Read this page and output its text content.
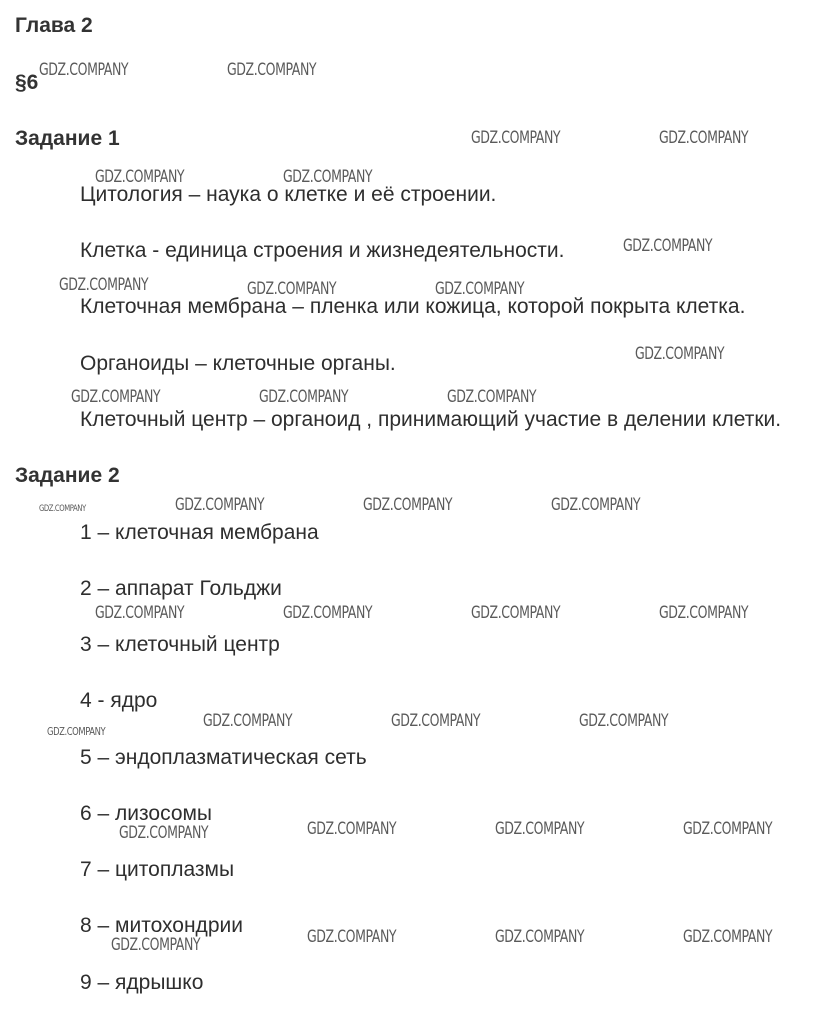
Глава 2
§6
Задание 1
Задание 2
Цитология – наука о клетке и её строении.
Клетка - единица строения и жизнедеятельности.
Клеточная мембрана – пленка или кожица, которой покрыта клетка.
Органоиды – клеточные органы.
Клеточный центр – органоид , принимающий участие в делении клетки.
1 – клеточная мембрана
2 – аппарат Гольджи
3 – клеточный центр
4 - ядро
5 – эндоплазматическая сеть
6 – лизосомы
7 – цитоплазмы
8 – митохондрии
9 – ядрышко
GDZ.COMPANY	GDZ.COMPANY
GDZ.COMPANY	GDZ.COMPANY
GDZ.COMPANY	GDZ.COMPANY
GDZ.COMPANY
GDZ.COMPANY	GDZ.COMPANY	GDZ.COMPANY
GDZ.COMPANY
GDZ.COMPANY	GDZ.COMPANY	GDZ.COMPANY
GDZ.COMPANY	GDZ.COMPANY	GDZ.COMPANY	GDZ.COMPANY
GDZ.COMPANY	GDZ.COMPANY	GDZ.COMPANY	GDZ.COMPANY
GDZ.COMPANY	GDZ.COMPANY	GDZ.COMPANY
GDZ.COMPANY
GDZ.COMPANY	GDZ.COMPANY	GDZ.COMPANY	GDZ.COMPANY
GDZ.COMPANY	GDZ.COMPANY	GDZ.COMPANY	GDZ.COMPANY
